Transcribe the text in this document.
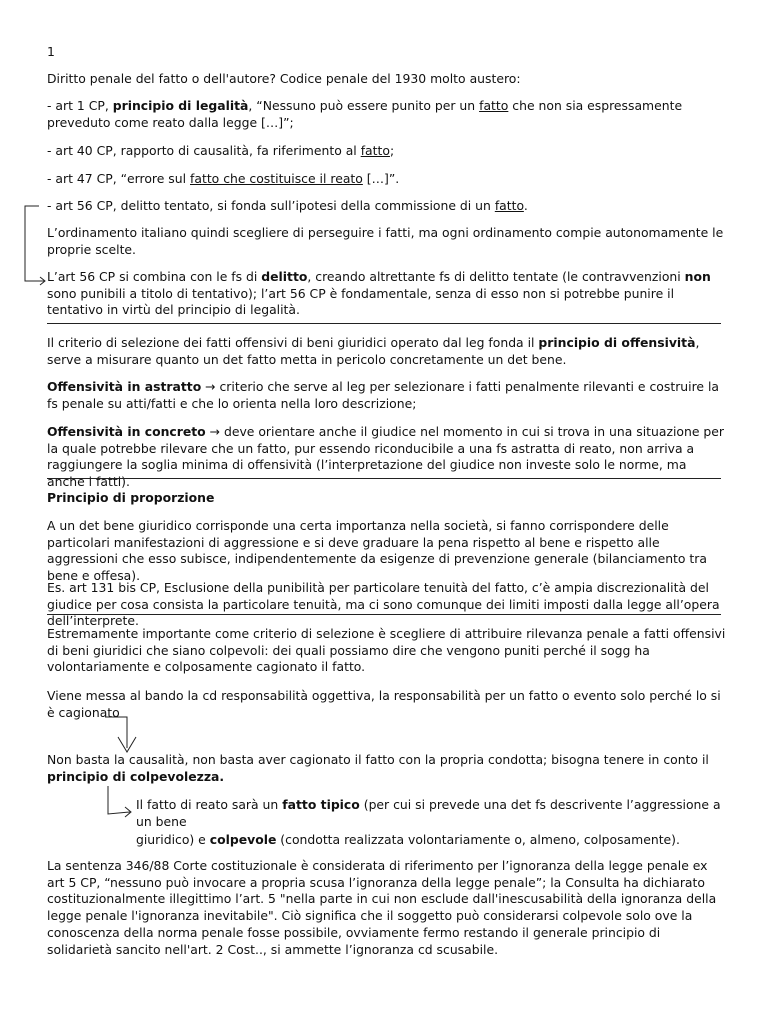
1

Diritto penale del fatto o dell'autore? Codice penale del 1930 molto austero:

- art 1 CP, principio di legalità, “Nessuno può essere punito per un fatto che non sia espressamente preveduto come reato dalla legge […]”;

- art 40 CP, rapporto di causalità, fa riferimento al fatto;

- art 47 CP, “errore sul fatto che costituisce il reato […]”.

- art 56 CP, delitto tentato, si fonda sull’ipotesi della commissione di un fatto.

L’ordinamento italiano quindi scegliere di perseguire i fatti, ma ogni ordinamento compie autonomamente le proprie scelte.

L’art 56 CP si combina con le fs di delitto, creando altrettante fs di delitto tentate (le contravvenzioni non sono punibili a titolo di tentativo); l’art 56 CP è fondamentale, senza di esso non si potrebbe punire il tentativo in virtù del principio di legalità.

Il criterio di selezione dei fatti offensivi di beni giuridici operato dal leg fonda il principio di offensività, serve a misurare quanto un det fatto metta in pericolo concretamente un det bene.

Offensività in astratto → criterio che serve al leg per selezionare i fatti penalmente rilevanti e costruire la fs penale su atti/fatti e che lo orienta nella loro descrizione;

Offensività in concreto → deve orientare anche il giudice nel momento in cui si trova in una situazione per la quale potrebbe rilevare che un fatto, pur essendo riconducibile a una fs astratta di reato, non arriva a raggiungere la soglia minima di offensività (l’interpretazione del giudice non investe solo le norme, ma anche i fatti).

Principio di proporzione

A un det bene giuridico corrisponde una certa importanza nella società, si fanno corrispondere delle particolari manifestazioni di aggressione e si deve graduare la pena rispetto al bene e rispetto alle aggressioni che esso subisce, indipendentemente da esigenze di prevenzione generale (bilanciamento tra bene e offesa).

Es. art 131 bis CP, Esclusione della punibilità per particolare tenuità del fatto, c’è ampia discrezionalità del giudice per cosa consista la particolare tenuità, ma ci sono comunque dei limiti imposti dalla legge all’opera dell’interprete.

Estremamente importante come criterio di selezione è scegliere di attribuire rilevanza penale a fatti offensivi di beni giuridici che siano colpevoli: dei quali possiamo dire che vengono puniti perché il sogg ha volontariamente e colposamente cagionato il fatto.

Viene messa al bando la cd responsabilità oggettiva, la responsabilità per un fatto o evento solo perché lo si è cagionato

Non basta la causalità, non basta aver cagionato il fatto con la propria condotta; bisogna tenere in conto il principio di colpevolezza.

Il fatto di reato sarà un fatto tipico (per cui si prevede una det fs descrivente l’aggressione a un bene

giuridico) e colpevole (condotta realizzata volontariamente o, almeno, colposamente).

La sentenza 346/88 Corte costituzionale è considerata di riferimento per l’ignoranza della legge penale ex art 5 CP, “nessuno può invocare a propria scusa l’ignoranza della legge penale”; la Consulta ha dichiarato costituzionalmente illegittimo l’art. 5 "nella parte in cui non esclude dall'inescusabilità della ignoranza della legge penale l'ignoranza inevitabile". Ciò significa che il soggetto può considerarsi colpevole solo ove la conoscenza della norma penale fosse possibile, ovviamente fermo restando il generale principio di solidarietà sancito nell'art. 2 Cost.., si ammette l’ignoranza cd scusabile.
